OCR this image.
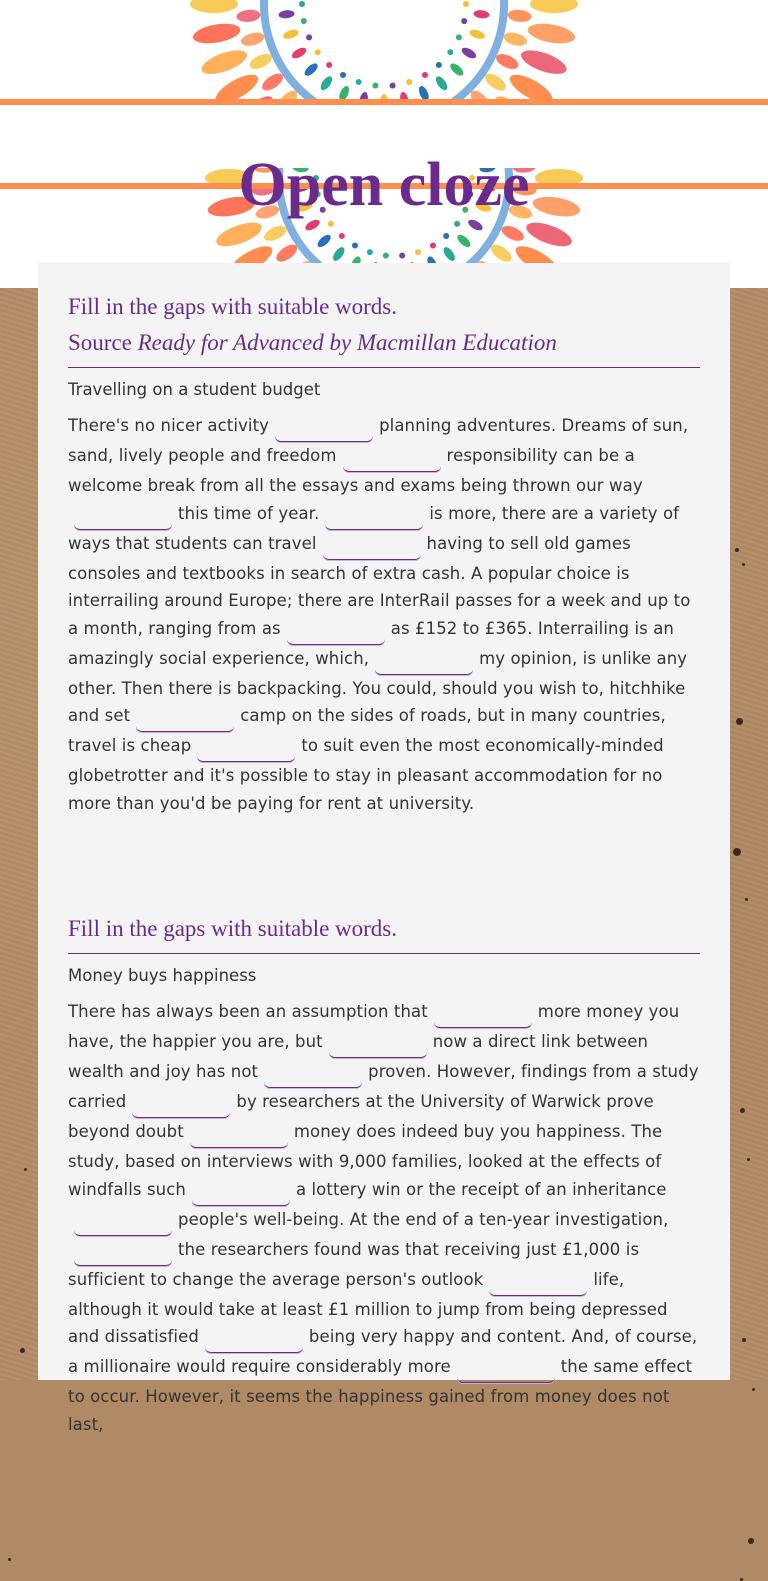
Open cloze

Fill in the gaps with suitable words.
Source Ready for Advanced by Macmillan Education

Travelling on a student budget

There's no nicer activity	planning adventures. Dreams of sun, sand, lively people and freedom	responsibility can be a welcome break from all the essays and exams being thrown our waythis time of year.	is more, there are a variety of ways that students can travel	having to sell old games consoles and textbooks in search of extra cash. A popular choice is interrailing around Europe; there are InterRail passes for a week and up to a month, ranging from as	as £152 to £365. Interrailing is an amazingly social experience, which,	my opinion, is unlike any other. Then there is backpacking. You could, should you wish to, hitchhike and set	camp on the sides of roads, but in many countries, travel is cheap	to suit even the most economically-minded globetrotter and it's possible to stay in pleasant accommodation for no more than you'd be paying for rent at university.

Fill in the gaps with suitable words.

Money buys happiness

There has always been an assumption that	more money you have, the happier you are, but	now a direct link between wealth and joy has not	proven. However, findings from a study carried	by researchers at the University of Warwick prove beyond doubt	money does indeed buy you happiness. The study, based on interviews with 9,000 families, looked at the effects of windfalls such	a lottery win or the receipt of an inheritancepeople's well-being. At the end of a ten-year investigation,the researchers found was that receiving just £1,000 is sufficient to change the average person's outlook	life, although it would take at least £1 million to jump from being depressed and dissatisfied	being very happy and content. And, of course, a millionaire would require considerably more	the same effect to occur. However, it seems the happiness gained from money does not last,
